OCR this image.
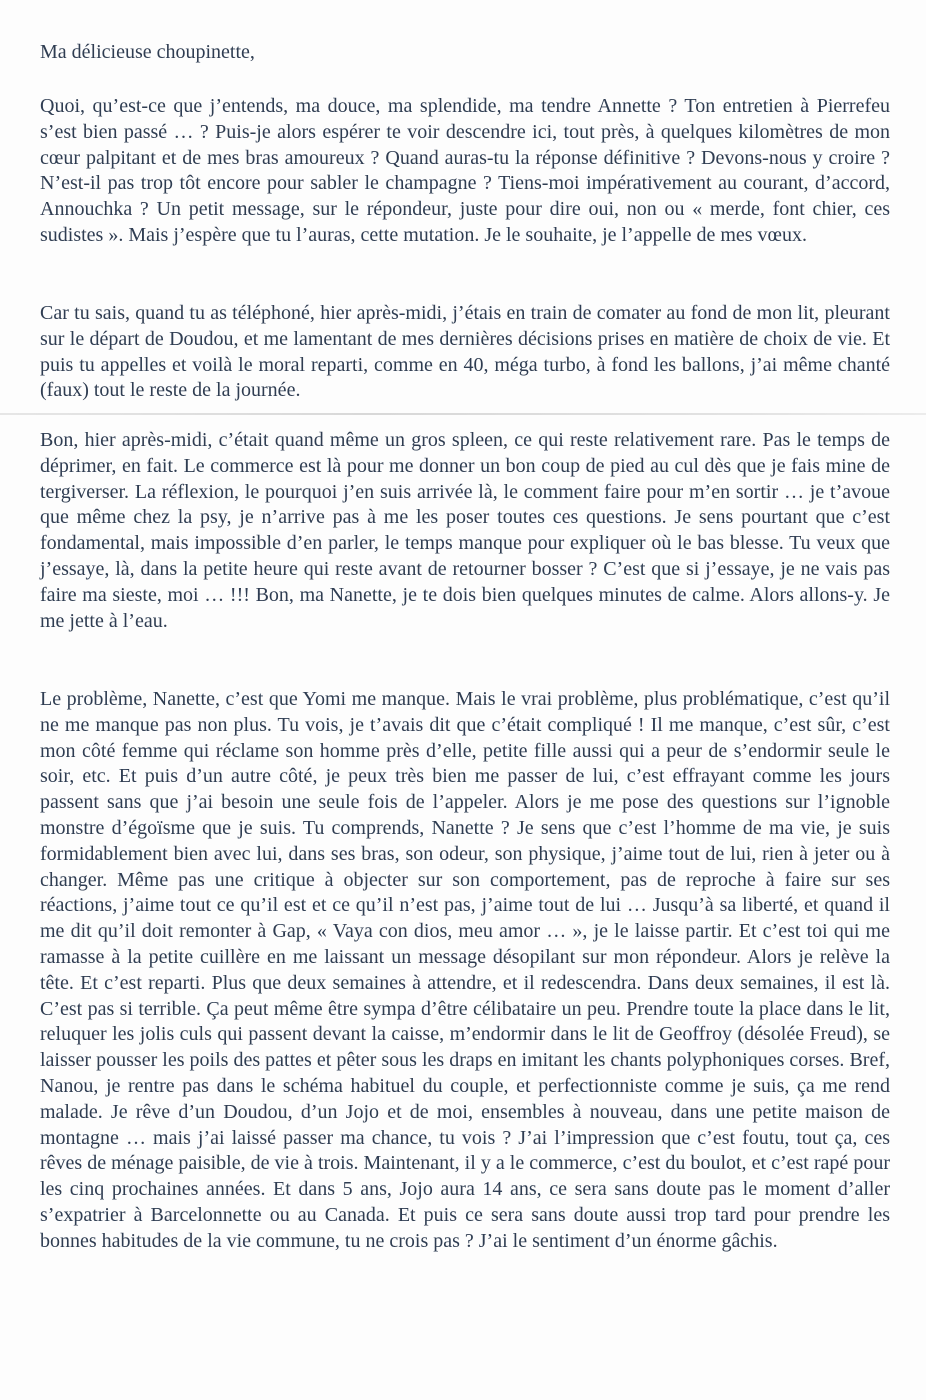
Ma délicieuse choupinette,
Quoi, qu’est-ce que j’entends, ma douce, ma splendide, ma tendre Annette ? Ton entretien à Pierrefeu s’est bien passé … ? Puis-je alors espérer te voir descendre ici, tout près, à quelques kilomètres de mon cœur palpitant et de mes bras amoureux ? Quand auras-tu la réponse définitive ? Devons-nous y croire ? N’est-il pas trop tôt encore pour sabler le champagne ? Tiens-moi impérativement au courant, d’accord, Annouchka ? Un petit message, sur le répondeur, juste pour dire oui, non ou « merde, font chier, ces sudistes ». Mais j’espère que tu l’auras, cette mutation. Je le souhaite, je l’appelle de mes vœux.
Car tu sais, quand tu as téléphoné, hier après-midi, j’étais en train de comater au fond de mon lit, pleurant sur le départ de Doudou, et me lamentant de mes dernières décisions prises en matière de choix de vie. Et puis tu appelles et voilà le moral reparti, comme en 40, méga turbo, à fond les ballons, j’ai même chanté (faux) tout le reste de la journée.
Bon, hier après-midi, c’était quand même un gros spleen, ce qui reste relativement rare. Pas le temps de déprimer, en fait. Le commerce est là pour me donner un bon coup de pied au cul dès que je fais mine de tergiverser. La réflexion, le pourquoi j’en suis arrivée là, le comment faire pour m’en sortir … je t’avoue que même chez la psy, je n’arrive pas à me les poser toutes ces questions. Je sens pourtant que c’est fondamental, mais impossible d’en parler, le temps manque pour expliquer où le bas blesse. Tu veux que j’essaye, là, dans la petite heure qui reste avant de retourner bosser ? C’est que si j’essaye, je ne vais pas faire ma sieste, moi … !!! Bon, ma Nanette, je te dois bien quelques minutes de calme. Alors allons-y. Je me jette à l’eau.
Le problème, Nanette, c’est que Yomi me manque. Mais le vrai problème, plus problématique, c’est qu’il ne me manque pas non plus. Tu vois, je t’avais dit que c’était compliqué ! Il me manque, c’est sûr, c’est mon côté femme qui réclame son homme près d’elle, petite fille aussi qui a peur de s’endormir seule le soir, etc. Et puis d’un autre côté, je peux très bien me passer de lui, c’est effrayant comme les jours passent sans que j’ai besoin une seule fois de l’appeler. Alors je me pose des questions sur l’ignoble monstre d’égoïsme que je suis. Tu comprends, Nanette ? Je sens que c’est l’homme de ma vie, je suis formidablement bien avec lui, dans ses bras, son odeur, son physique, j’aime tout de lui, rien à jeter ou à changer. Même pas une critique à objecter sur son comportement, pas de reproche à faire sur ses réactions, j’aime tout ce qu’il est et ce qu’il n’est pas, j’aime tout de lui … Jusqu’à sa liberté, et quand il me dit qu’il doit remonter à Gap, « Vaya con dios, meu amor … », je le laisse partir. Et c’est toi qui me ramasse à la petite cuillère en me laissant un message désopilant sur mon répondeur. Alors je relève la tête. Et c’est reparti. Plus que deux semaines à attendre, et il redescendra. Dans deux semaines, il est là. C’est pas si terrible. Ça peut même être sympa d’être célibataire un peu. Prendre toute la place dans le lit, reluquer les jolis culs qui passent devant la caisse, m’endormir dans le lit de Geoffroy (désolée Freud), se laisser pousser les poils des pattes et pêter sous les draps en imitant les chants polyphoniques corses. Bref, Nanou, je rentre pas dans le schéma habituel du couple, et perfectionniste comme je suis, ça me rend malade. Je rêve d’un Doudou, d’un Jojo et de moi, ensembles à nouveau, dans une petite maison de montagne … mais j’ai laissé passer ma chance, tu vois ? J’ai l’impression que c’est foutu, tout ça, ces rêves de ménage paisible, de vie à trois. Maintenant, il y a le commerce, c’est du boulot, et c’est rapé pour les cinq prochaines années. Et dans 5 ans, Jojo aura 14 ans, ce sera sans doute pas le moment d’aller s’expatrier à Barcelonnette ou au Canada. Et puis ce sera sans doute aussi trop tard pour prendre les bonnes habitudes de la vie commune, tu ne crois pas ? J’ai le sentiment d’un énorme gâchis.
